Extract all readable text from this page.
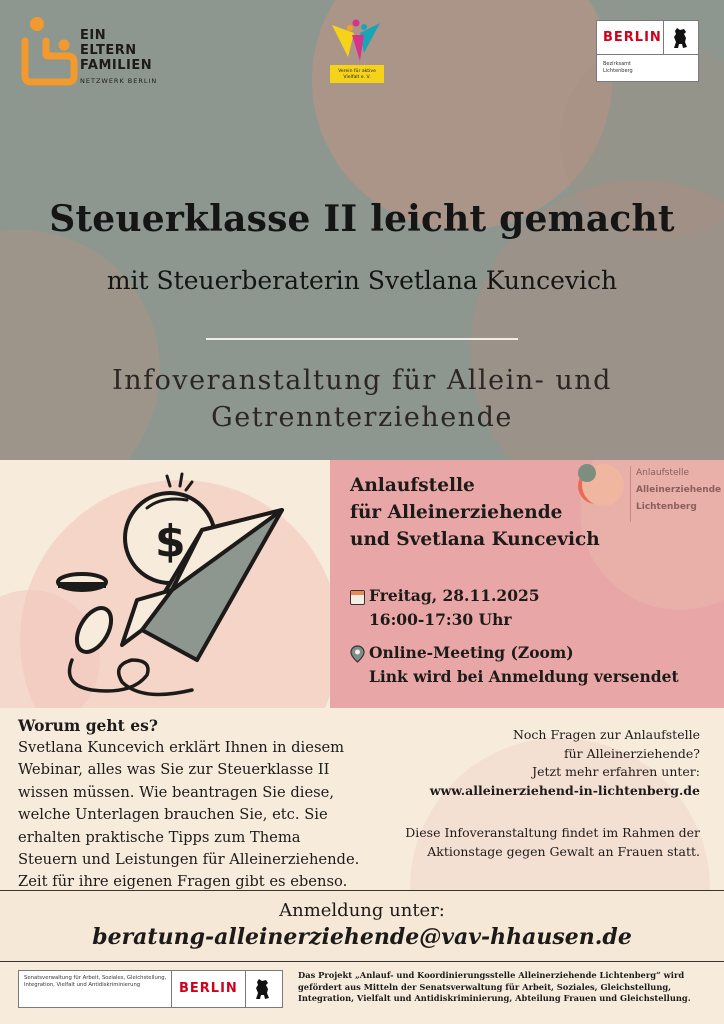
EIN
ELTERN
FAMILIEN
NETZWERK BERLIN
Verein für aktive Vielfalt e. V.
BERLIN
Bezirksamt
Lichtenberg
Steuerklasse II leicht gemacht
mit Steuerberaterin Svetlana Kuncevich
Infoveranstaltung für Allein- und
Getrennterziehende
$
Anlaufstelle
für Alleinerziehende
und Svetlana Kuncevich
Anlaufstelle
Alleinerziehende
Lichtenberg
Freitag, 28.11.2025
16:00-17:30 Uhr
Online-Meeting (Zoom)
Link wird bei Anmeldung versendet
Worum geht es?
Svetlana Kuncevich erklärt Ihnen in diesem Webinar, alles was Sie zur Steuerklasse II wissen müssen. Wie beantragen Sie diese, welche Unterlagen brauchen Sie, etc. Sie erhalten praktische Tipps zum Thema Steuern und Leistungen für Alleinerziehende. Zeit für ihre eigenen Fragen gibt es ebenso.
Noch Fragen zur Anlaufstelle
für Alleinerziehende?
Jetzt mehr erfahren unter:
www.alleinerziehend-in-lichtenberg.de
Diese Infoveranstaltung findet im Rahmen der Aktionstage gegen Gewalt an Frauen statt.
Anmeldung unter:
beratung-alleinerziehende@vav-hhausen.de
Senatsverwaltung für Arbeit, Soziales, Gleichstellung, Integration, Vielfalt und Antidiskriminierung	BERLIN
Das Projekt „Anlauf- und Koordinierungsstelle Alleinerziehende Lichtenberg“ wird gefördert aus Mitteln der Senatsverwaltung für Arbeit, Soziales, Gleichstellung, Integration, Vielfalt und Antidiskriminierung, Abteilung Frauen und Gleichstellung.
